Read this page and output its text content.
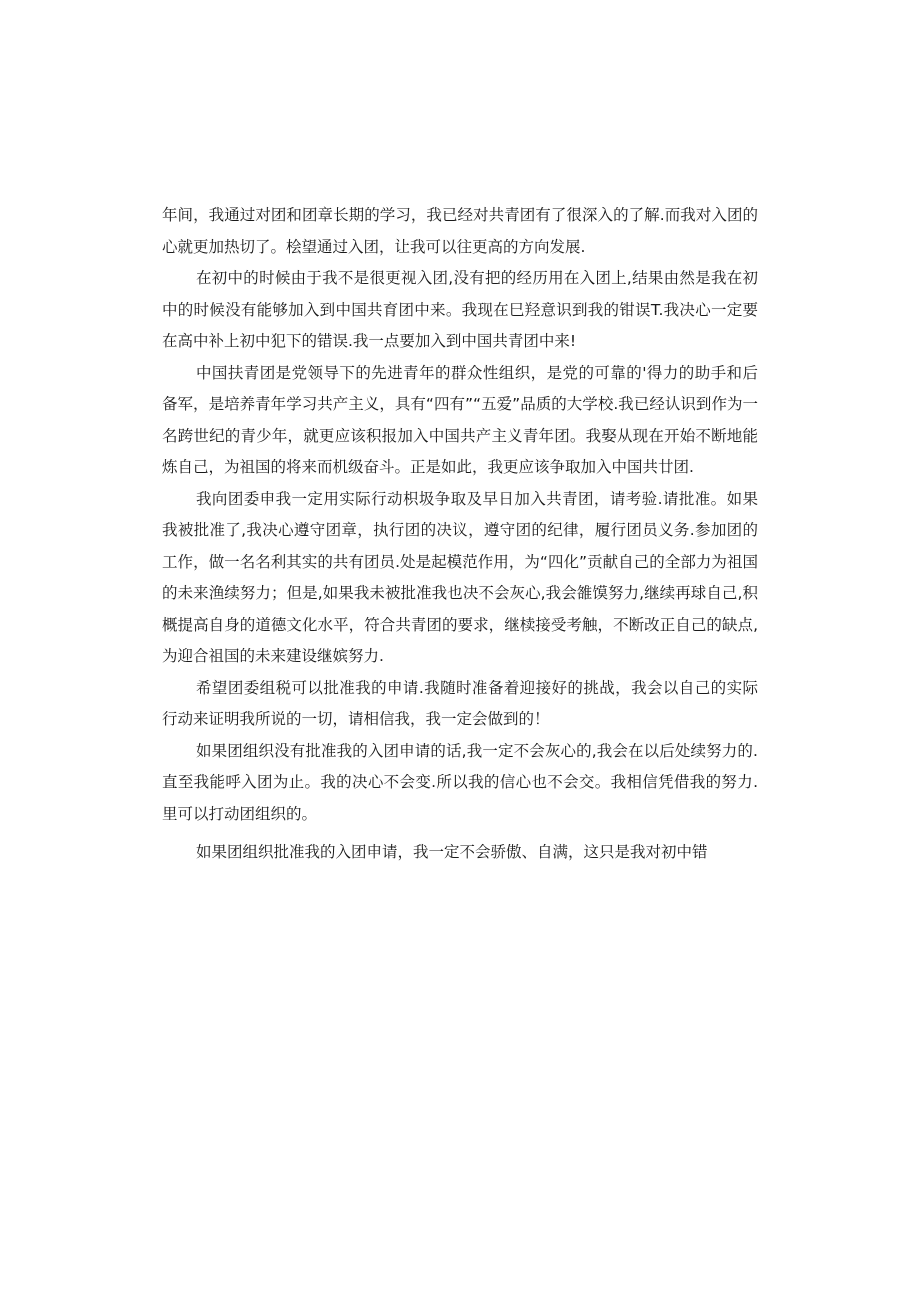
年间，我通过对团和团章长期的学习，我已经对共青团有了很深入的了解.而我对入团的心就更加热切了。桧望通过入团，让我可以往更高的方向发展.

在初中的时候由于我不是很更视入团,没有把的经历用在入团上,结果由然是我在初中的时候没有能够加入到中国共育团中来。我现在巳羟意识到我的钳误T.我决心一定要在高中补上初中犯下的错误.我一点要加入到中国共青团中来!

中国扶青团是党领导下的先进青年的群众性组织，是党的可靠的'得力的助手和后备军，是培养青年学习共产主义，具有“四有”“五爱”品质的大学校.我已经认识到作为一名跨世纪的青少年，就更应该积报加入中国共产主义青年团。我娶从现在开始不断地能炼自己，为祖国的将来而机级奋斗。正是如此，我更应该争取加入中国共廿团.

我向团委申我一定用实际行动枳圾争取及早日加入共青团，请考验.请批准。如果我被批准了,我决心遵守团章，执行团的决议，遵守团的纪律，履行团员义务.参加团的工作，做一名名利其实的共有团员.处是起模范作用，为“四化”贡献自己的全部力为祖国的未来渔续努力；但是,如果我未被批准我也决不会灰心,我会雒馍努力,继续再球自己,积概提高自身的道德文化水平，符合共青团的要求，继椟接受考触，不断改正自己的缺点,为迎合祖国的未来建设继嫔努力.

希望团委组税可以批准我的申请.我随时准备着迎接好的挑战，我会以自己的实际行动来证明我所说的一切，请相信我，我一定会做到的！

如果团组织没有批准我的入团申请的话,我一定不会灰心的,我会在以后处续努力的.直至我能呼入团为止。我的决心不会变.所以我的信心也不会交。我相信凭借我的努力.里可以打动团组织的。

如果团组织批准我的入团申请，我一定不会骄傲、自满，这只是我对初中错
